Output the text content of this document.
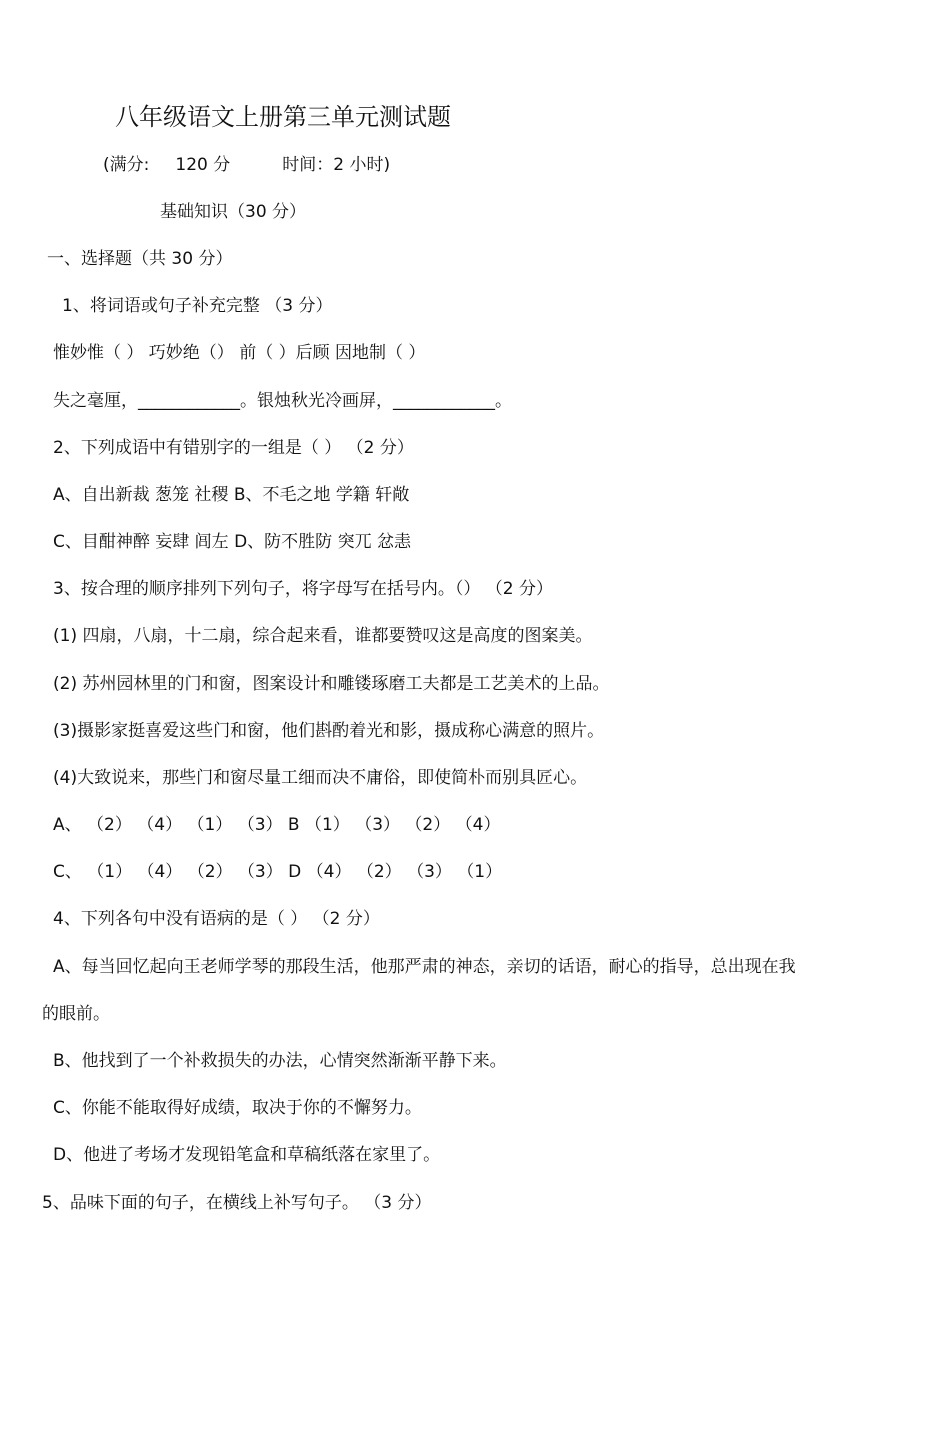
八年级语文上册第三单元测试题
(满分: 120 分	时间：2 小时)
基础知识（30 分）
一、选择题（共 30 分）
1、将词语或句子补充完整 （3 分）
惟妙惟（ ） 巧妙绝（） 前（ ）后顾 因地制（ ）
失之毫厘，____________。银烛秋光冷画屏，____________。
2、下列成语中有错别字的一组是（ ） （2 分）
A、自出新裁 葱笼 社稷 B、不毛之地 学籍 轩敞
C、目酣神醉 妄肆 闾左 D、防不胜防 突兀 忿恚
3、按合理的顺序排列下列句子，将字母写在括号内。（） （2 分）
(1) 四扇，八扇，十二扇，综合起来看，谁都要赞叹这是高度的图案美。
(2) 苏州园林里的门和窗，图案设计和雕镂琢磨工夫都是工艺美术的上品。
(3)摄影家挺喜爱这些门和窗，他们斟酌着光和影，摄成称心满意的照片。
(4)大致说来，那些门和窗尽量工细而决不庸俗，即使简朴而别具匠心。
A、 （2） （4） （1） （3） B （1） （3） （2） （4）
C、 （1） （4） （2） （3） D （4） （2） （3） （1）
4、下列各句中没有语病的是（ ） （2 分）
A、每当回忆起向王老师学琴的那段生活，他那严肃的神态，亲切的话语，耐心的指导，总出现在我
的眼前。
B、他找到了一个补救损失的办法，心情突然渐渐平静下来。
C、你能不能取得好成绩，取决于你的不懈努力。
D、他进了考场才发现铅笔盒和草稿纸落在家里了。
5、品味下面的句子，在横线上补写句子。 （3 分）
